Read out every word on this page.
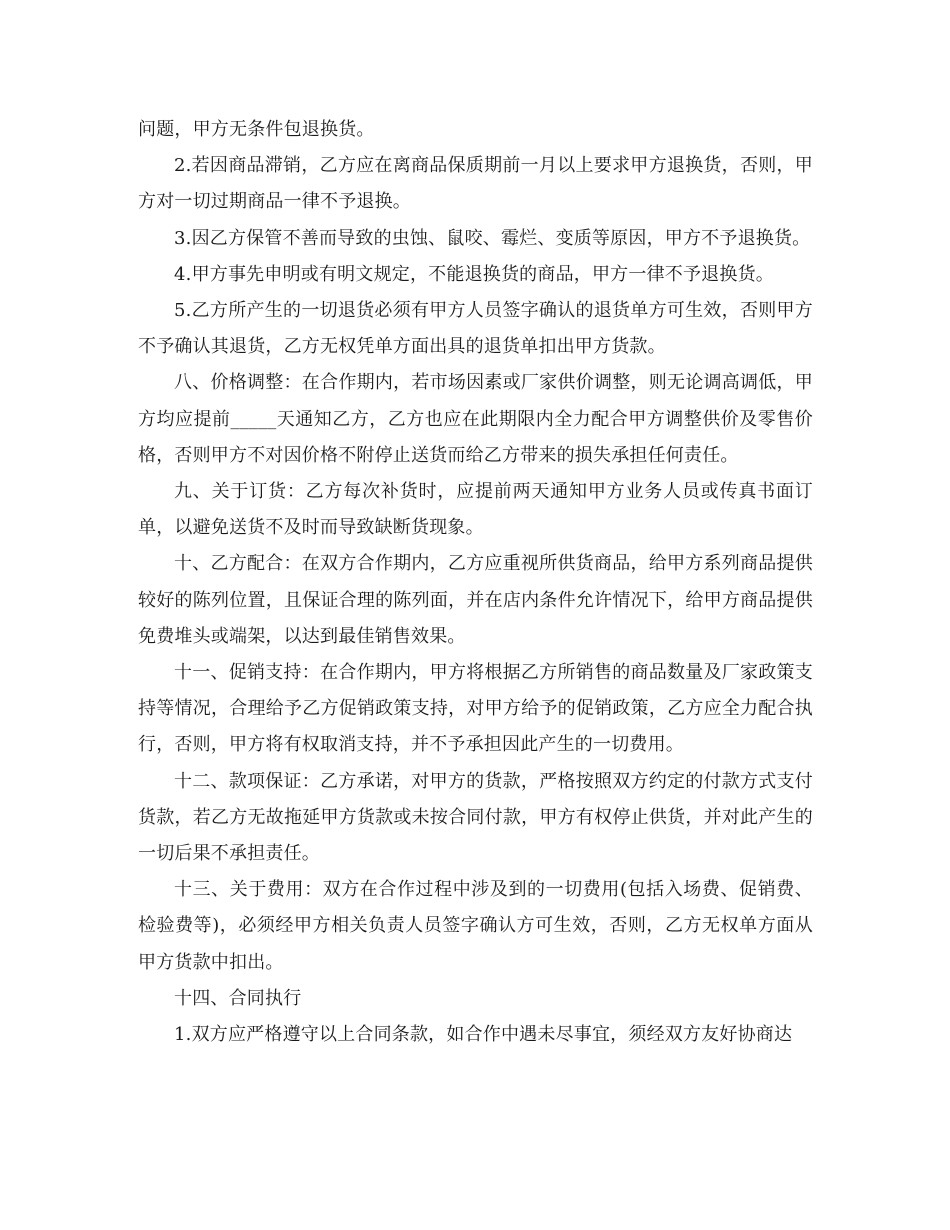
问题，甲方无条件包退换货。

2.若因商品滞销，乙方应在离商品保质期前一月以上要求甲方退换货，否则，甲方对一切过期商品一律不予退换。

3.因乙方保管不善而导致的虫蚀、鼠咬、霉烂、变质等原因，甲方不予退换货。

4.甲方事先申明或有明文规定，不能退换货的商品，甲方一律不予退换货。

5.乙方所产生的一切退货必须有甲方人员签字确认的退货单方可生效，否则甲方不予确认其退货，乙方无权凭单方面出具的退货单扣出甲方货款。

八、价格调整：在合作期内，若市场因素或厂家供价调整，则无论调高调低，甲方均应提前_____天通知乙方，乙方也应在此期限内全力配合甲方调整供价及零售价格，否则甲方不对因价格不附停止送货而给乙方带来的损失承担任何责任。

九、关于订货：乙方每次补货时，应提前两天通知甲方业务人员或传真书面订单，以避免送货不及时而导致缺断货现象。

十、乙方配合：在双方合作期内，乙方应重视所供货商品，给甲方系列商品提供较好的陈列位置，且保证合理的陈列面，并在店内条件允许情况下，给甲方商品提供免费堆头或端架，以达到最佳销售效果。

十一、促销支持：在合作期内，甲方将根据乙方所销售的商品数量及厂家政策支持等情况，合理给予乙方促销政策支持，对甲方给予的促销政策，乙方应全力配合执行，否则，甲方将有权取消支持，并不予承担因此产生的一切费用。

十二、款项保证：乙方承诺，对甲方的货款，严格按照双方约定的付款方式支付货款，若乙方无故拖延甲方货款或未按合同付款，甲方有权停止供货，并对此产生的一切后果不承担责任。

十三、关于费用：双方在合作过程中涉及到的一切费用(包括入场费、促销费、检验费等)，必须经甲方相关负责人员签字确认方可生效，否则，乙方无权单方面从甲方货款中扣出。

十四、合同执行

1.双方应严格遵守以上合同条款，如合作中遇未尽事宜，须经双方友好协商达
